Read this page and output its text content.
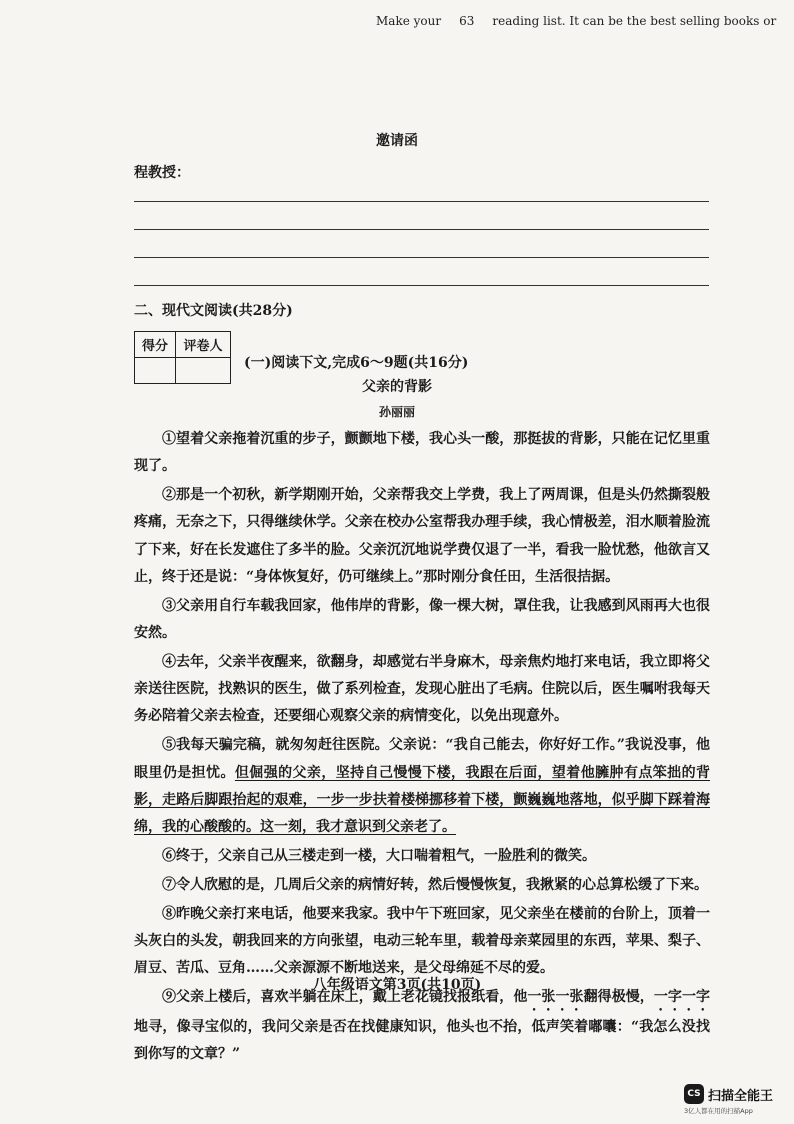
Make your 63 reading list. It can be the best selling books or
邀请函
程教授：
二、现代文阅读(共28分)
得分	评卷人

(一)阅读下文,完成6～9题(共16分)
父亲的背影
孙丽丽

①望着父亲拖着沉重的步子，颤颤地下楼，我心头一酸，那挺拔的背影，只能在记忆里重现了。

②那是一个初秋，新学期刚开始，父亲帮我交上学费，我上了两周课，但是头仍然撕裂般疼痛，无奈之下，只得继续休学。父亲在校办公室帮我办理手续，我心情极差，泪水顺着脸流了下来，好在长发遮住了多半的脸。父亲沉沉地说学费仅退了一半，看我一脸忧愁，他欲言又止，终于还是说：“身体恢复好，仍可继续上。”那时刚分食任田，生活很拮据。

③父亲用自行车载我回家，他伟岸的背影，像一棵大树，罩住我，让我感到风雨再大也很安然。

④去年，父亲半夜醒来，欲翻身，却感觉右半身麻木，母亲焦灼地打来电话，我立即将父亲送往医院，找熟识的医生，做了系列检查，发现心脏出了毛病。住院以后，医生嘱咐我每天务必陪着父亲去检查，还要细心观察父亲的病情变化，以免出现意外。

⑤我每天骗完稿，就匆匆赶往医院。父亲说：“我自己能去，你好好工作。”我说没事，他眼里仍是担忧。但倔强的父亲，坚持自己慢慢下楼，我跟在后面，望着他臃肿有点笨拙的背影，走路后脚跟抬起的艰难，一步一步扶着楼梯挪移着下楼，颤巍巍地落地，似乎脚下踩着海绵，我的心酸酸的。这一刻，我才意识到父亲老了。

⑥终于，父亲自己从三楼走到一楼，大口喘着粗气，一脸胜利的微笑。

⑦令人欣慰的是，几周后父亲的病情好转，然后慢慢恢复，我揪紧的心总算松缓了下来。

⑧昨晚父亲打来电话，他要来我家。我中午下班回家，见父亲坐在楼前的台阶上，顶着一头灰白的头发，朝我回来的方向张望，电动三轮车里，载着母亲菜园里的东西，苹果、梨子、眉豆、苦瓜、豆角……父亲源源不断地送来，是父母绵延不尽的爱。

⑨父亲上楼后，喜欢半躺在床上，戴上老花镜找报纸看，他一张一张翻得极慢，一字一字地寻，像寻宝似的，我问父亲是否在找健康知识，他头也不抬，低声笑着嘟囔：“我怎么没找到你写的文章？”

八年级语文第3页(共10页)
CS 扫描全能王
3亿人都在用的扫描App
